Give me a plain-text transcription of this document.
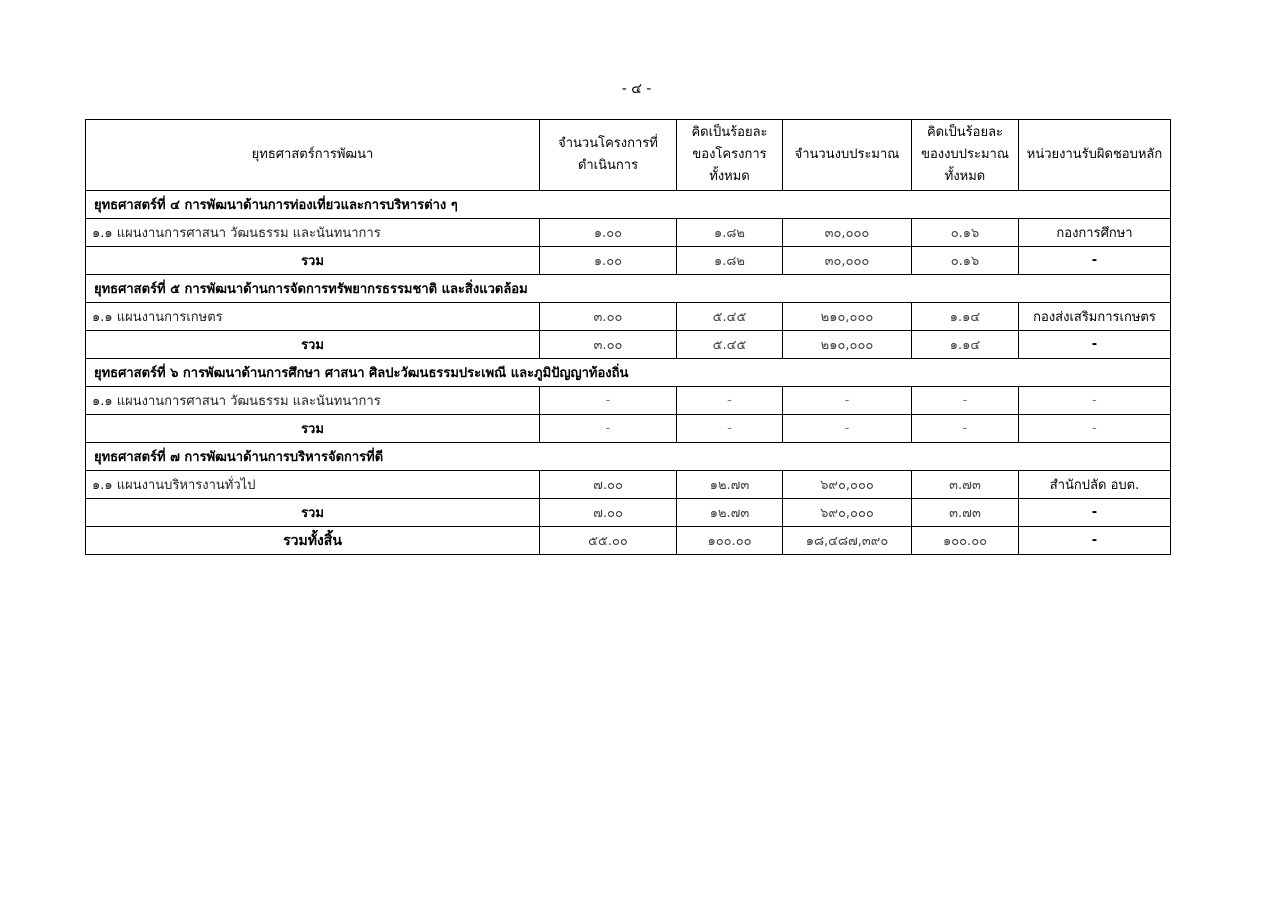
- ๔ -
ยุทธศาสตร์การพัฒนา	จำนวนโครงการที่ดำเนินการ	คิดเป็นร้อยละของโครงการทั้งหมด	จำนวนงบประมาณ	คิดเป็นร้อยละของงบประมาณทั้งหมด	หน่วยงานรับผิดชอบหลัก
ยุทธศาสตร์ที่ ๔ การพัฒนาด้านการท่องเที่ยวและการบริหารต่าง ๆ					
๑.๑ แผนงานการศาสนา วัฒนธรรม และนันทนาการ	๑.๐๐	๑.๘๒	๓๐,๐๐๐	๐.๑๖	กองการศึกษา
รวม	๑.๐๐	๑.๘๒	๓๐,๐๐๐	๐.๑๖	-
ยุทธศาสตร์ที่ ๕ การพัฒนาด้านการจัดการทรัพยากรธรรมชาติ และสิ่งแวดล้อม					
๑.๑ แผนงานการเกษตร	๓.๐๐	๕.๔๕	๒๑๐,๐๐๐	๑.๑๔	กองส่งเสริมการเกษตร
รวม	๓.๐๐	๕.๔๕	๒๑๐,๐๐๐	๑.๑๔	-
ยุทธศาสตร์ที่ ๖ การพัฒนาด้านการศึกษา ศาสนา ศิลปะวัฒนธรรมประเพณี และภูมิปัญญาท้องถิ่น					
๑.๑ แผนงานการศาสนา วัฒนธรรม และนันทนาการ	-	-	-	-	-
รวม	-	-	-	-	-
ยุทธศาสตร์ที่ ๗ การพัฒนาด้านการบริหารจัดการที่ดี					
๑.๑ แผนงานบริหารงานทั่วไป	๗.๐๐	๑๒.๗๓	๖๙๐,๐๐๐	๓.๗๓	สำนักปลัด อบต.
รวม	๗.๐๐	๑๒.๗๓	๖๙๐,๐๐๐	๓.๗๓	-
รวมทั้งสิ้น	๕๕.๐๐	๑๐๐.๐๐	๑๘,๔๘๗,๓๙๐	๑๐๐.๐๐	-
